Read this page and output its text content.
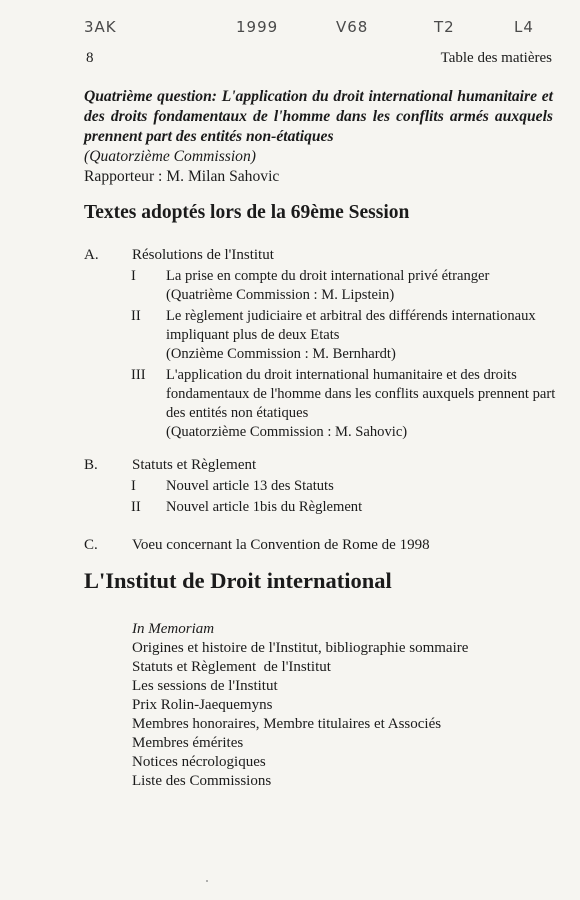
3AK	1999	V68	T2	L4
8	Table des matières
Quatrième question: L'application du droit international humanitaire et des droits fondamentaux de l'homme dans les conflits armés auxquels prennent part des entités non-étatiques
(Quatorzième Commission)
Rapporteur : M. Milan Sahovic
Textes adoptés lors de la 69ème Session
A. Résolutions de l'Institut
I La prise en compte du droit international privé étranger
(Quatrième Commission : M. Lipstein)
II Le règlement judiciaire et arbitral des différends internationaux impliquant plus de deux Etats
(Onzième Commission : M. Bernhardt)
III L'application du droit international humanitaire et des droits fondamentaux de l'homme dans les conflits auxquels prennent part des entités non étatiques
(Quatorzième Commission : M. Sahovic)
B. Statuts et Règlement
I Nouvel article 13 des Statuts
II Nouvel article 1bis du Règlement
C. Voeu concernant la Convention de Rome de 1998
L'Institut de Droit international
In Memoriam
Origines et histoire de l'Institut, bibliographie sommaire
Statuts et Règlement  de l'Institut
Les sessions de l'Institut
Prix Rolin-Jaequemyns
Membres honoraires, Membre titulaires et Associés
Membres émérites
Notices nécrologiques
Liste des Commissions
